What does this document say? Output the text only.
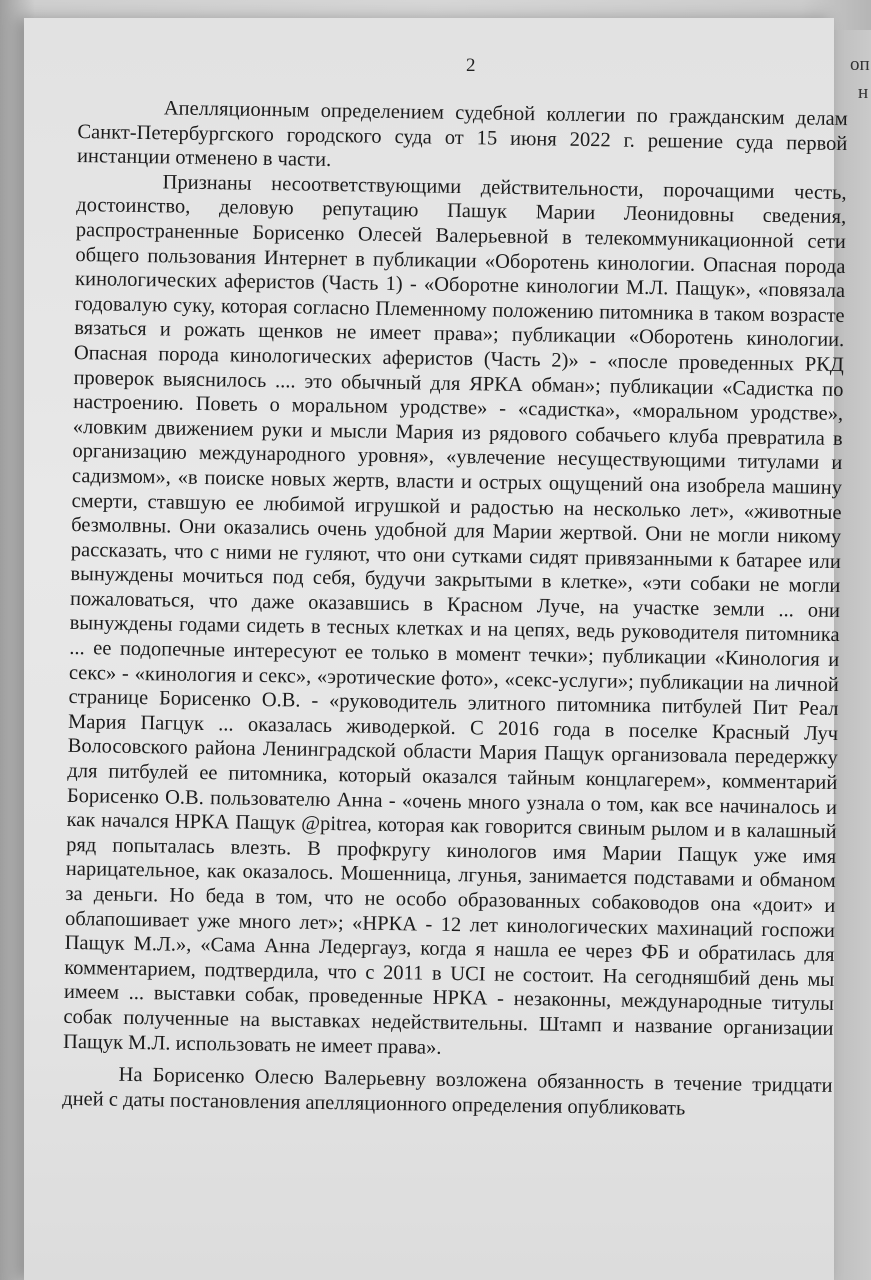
оп
н
2

Апелляционным определением судебной коллегии по гражданским делам Санкт-Петербургского городского суда от 15 июня 2022 г. решение суда первой инстанции отменено в части.

Признаны несоответствующими действительности, порочащими честь, достоинство, деловую репутацию Пашук Марии Леонидовны сведения, распространенные Борисенко Олесей Валерьевной в телекоммуникационной сети общего пользования Интернет в публикации «Оборотень кинологии. Опасная порода кинологических аферистов (Часть 1) - «Оборотне кинологии М.Л. Пащук», «повязала годовалую суку, которая согласно Племенному положению питомника в таком возрасте вязаться и рожать щенков не имеет права»; публикации «Оборотень кинологии. Опасная порода кинологических аферистов (Часть 2)» - «после проведенных РКД проверок выяснилось .... это обычный для ЯРКА обман»; публикации «Садистка по настроению. Поветь о моральном уродстве» - «садистка», «моральном уродстве», «ловким движением руки и мысли Мария из рядового собачьего клуба превратила в организацию международного уровня», «увлечение несуществующими титулами и садизмом», «в поиске новых жертв, власти и острых ощущений она изобрела машину смерти, ставшую ее любимой игрушкой и радостью на несколько лет», «животные безмолвны. Они оказались очень удобной для Марии жертвой. Они не могли никому рассказать, что с ними не гуляют, что они сутками сидят привязанными к батарее или вынуждены мочиться под себя, будучи закрытыми в клетке», «эти собаки не могли пожаловаться, что даже оказавшись в Красном Луче, на участке земли ... они вынуждены годами сидеть в тесных клетках и на цепях, ведь руководителя питомника ... ее подопечные интересуют ее только в момент течки»; публикации «Кинология и секс» - «кинология и секс», «эротические фото», «секс-услуги»; публикации на личной странице Борисенко О.В. - «руководитель элитного питомника питбулей Пит Реал Мария Пагцук ... оказалась живодеркой. С 2016 года в поселке Красный Луч Волосовского района Ленинградской области Мария Пащук организовала передержку для питбулей ее питомника, который оказался тайным концлагерем», комментарий Борисенко О.В. пользователю Анна - «очень много узнала о том, как все начиналось и как начался НРКА Пащук @pitrea, которая как говорится свиным рылом и в калашный ряд попыталась влезть. В профкругу кинологов имя Марии Пащук уже имя нарицательное, как оказалось. Мошенница, лгунья, занимается подставами и обманом за деньги. Но беда в том, что не особо образованных собаководов она «доит» и облапошивает уже много лет»; «НРКА - 12 лет кинологических махинаций госпожи Пащук М.Л.», «Сама Анна Ледергауз, когда я нашла ее через ФБ и обратилась для комментарием, подтвердила, что с 2011 в UCI не состоит. На сегодняшбий день мы имеем ... выставки собак, проведенные НРКА - незаконны, международные титулы собак полученные на выставках недействительны. Штамп и название организации Пащук М.Л. использовать не имеет права».

На Борисенко Олесю Валерьевну возложена обязанность в течение тридцати дней с даты постановления апелляционного определения опубликовать
